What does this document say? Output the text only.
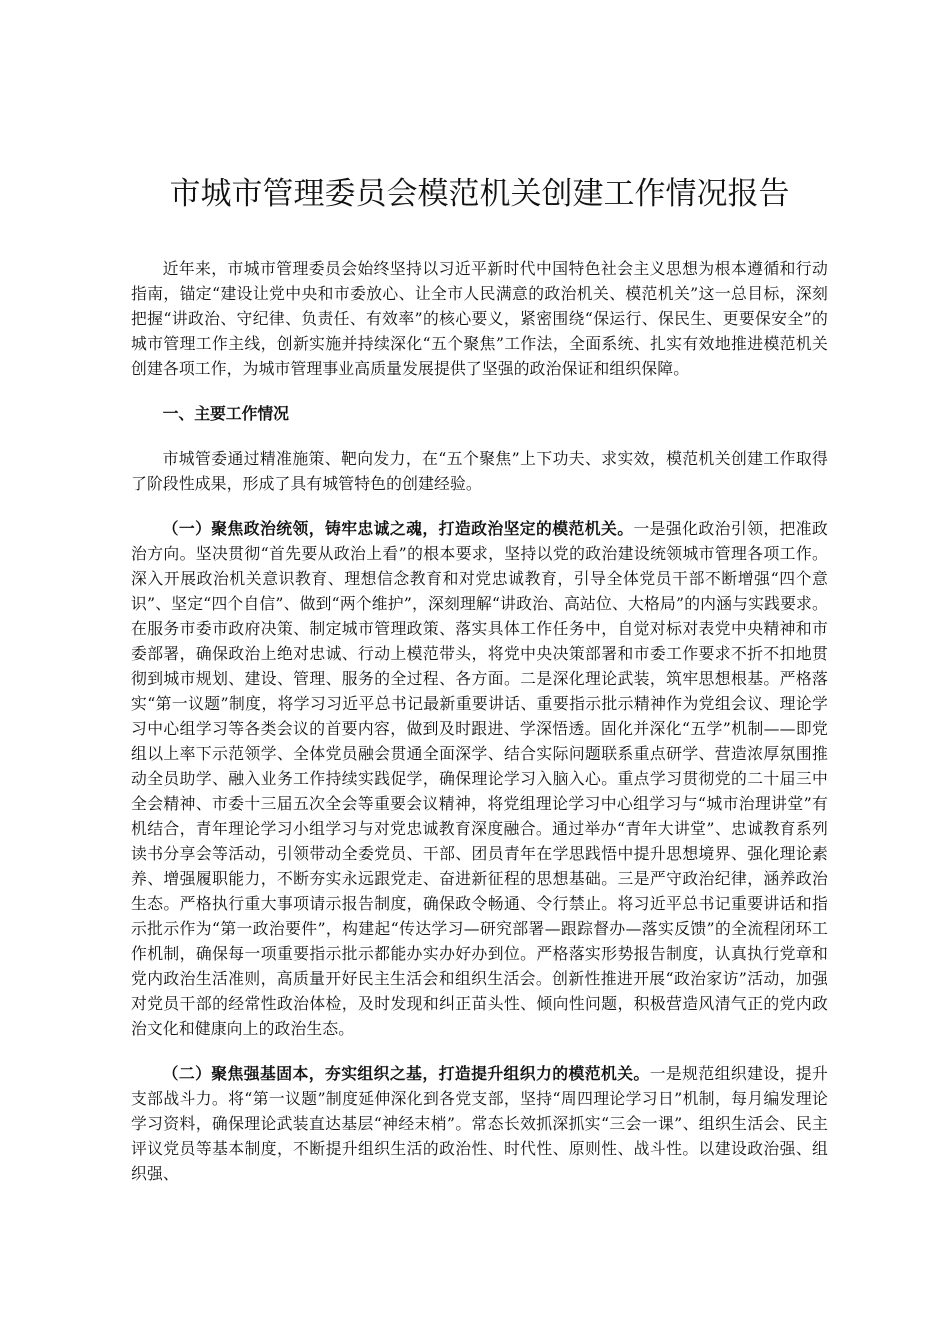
市城市管理委员会模范机关创建工作情况报告

近年来，市城市管理委员会始终坚持以习近平新时代中国特色社会主义思想为根本遵循和行动指南，锚定“建设让党中央和市委放心、让全市人民满意的政治机关、模范机关”这一总目标，深刻把握“讲政治、守纪律、负责任、有效率”的核心要义，紧密围绕“保运行、保民生、更要保安全”的城市管理工作主线，创新实施并持续深化“五个聚焦”工作法，全面系统、扎实有效地推进模范机关创建各项工作，为城市管理事业高质量发展提供了坚强的政治保证和组织保障。

一、主要工作情况

市城管委通过精准施策、靶向发力，在“五个聚焦”上下功夫、求实效，模范机关创建工作取得了阶段性成果，形成了具有城管特色的创建经验。

（一）聚焦政治统领，铸牢忠诚之魂，打造政治坚定的模范机关。一是强化政治引领，把准政治方向。坚决贯彻“首先要从政治上看”的根本要求，坚持以党的政治建设统领城市管理各项工作。深入开展政治机关意识教育、理想信念教育和对党忠诚教育，引导全体党员干部不断增强“四个意识”、坚定“四个自信”、做到“两个维护”，深刻理解“讲政治、高站位、大格局”的内涵与实践要求。在服务市委市政府决策、制定城市管理政策、落实具体工作任务中，自觉对标对表党中央精神和市委部署，确保政治上绝对忠诚、行动上模范带头，将党中央决策部署和市委工作要求不折不扣地贯彻到城市规划、建设、管理、服务的全过程、各方面。二是深化理论武装，筑牢思想根基。严格落实“第一议题”制度，将学习习近平总书记最新重要讲话、重要指示批示精神作为党组会议、理论学习中心组学习等各类会议的首要内容，做到及时跟进、学深悟透。固化并深化“五学”机制——即党组以上率下示范领学、全体党员融会贯通全面深学、结合实际问题联系重点研学、营造浓厚氛围推动全员助学、融入业务工作持续实践促学，确保理论学习入脑入心。重点学习贯彻党的二十届三中全会精神、市委十三届五次全会等重要会议精神，将党组理论学习中心组学习与“城市治理讲堂”有机结合，青年理论学习小组学习与对党忠诚教育深度融合。通过举办“青年大讲堂”、忠诚教育系列读书分享会等活动，引领带动全委党员、干部、团员青年在学思践悟中提升思想境界、强化理论素养、增强履职能力，不断夯实永远跟党走、奋进新征程的思想基础。三是严守政治纪律，涵养政治生态。严格执行重大事项请示报告制度，确保政令畅通、令行禁止。将习近平总书记重要讲话和指示批示作为“第一政治要件”，构建起“传达学习—研究部署—跟踪督办—落实反馈”的全流程闭环工作机制，确保每一项重要指示批示都能办实办好办到位。严格落实形势报告制度，认真执行党章和党内政治生活准则，高质量开好民主生活会和组织生活会。创新性推进开展“政治家访”活动，加强对党员干部的经常性政治体检，及时发现和纠正苗头性、倾向性问题，积极营造风清气正的党内政治文化和健康向上的政治生态。

（二）聚焦强基固本，夯实组织之基，打造提升组织力的模范机关。一是规范组织建设，提升支部战斗力。将“第一议题”制度延伸深化到各党支部，坚持“周四理论学习日”机制，每月编发理论学习资料，确保理论武装直达基层“神经末梢”。常态长效抓深抓实“三会一课”、组织生活会、民主评议党员等基本制度，不断提升组织生活的政治性、时代性、原则性、战斗性。以建设政治强、组织强、
